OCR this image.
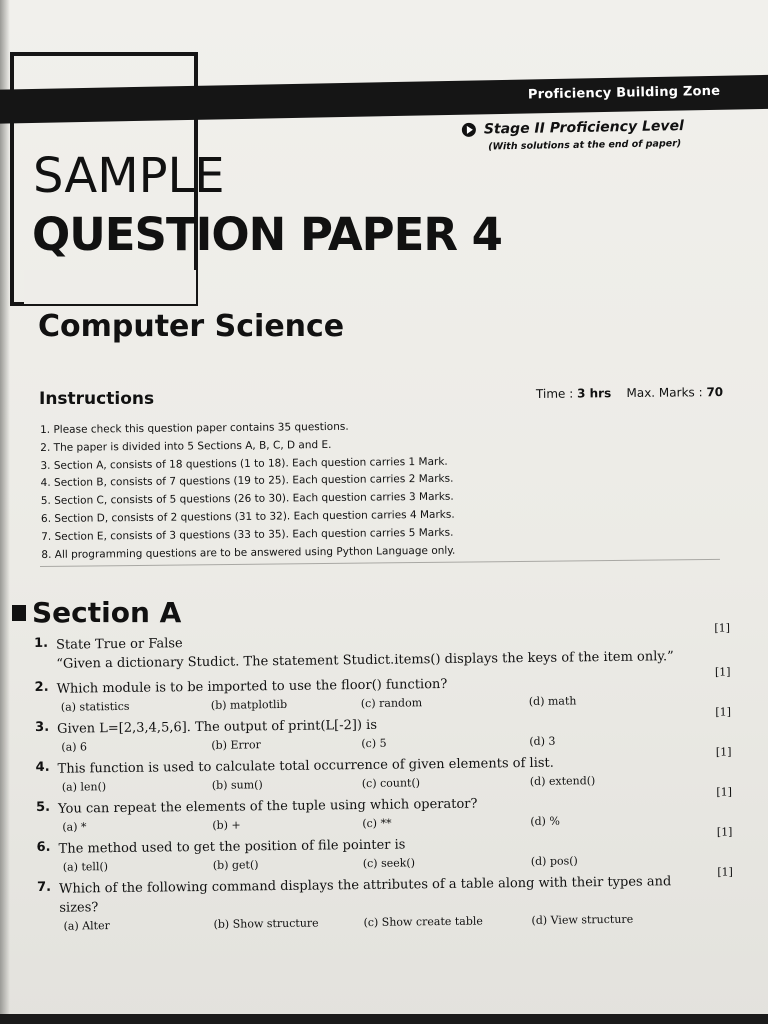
Proficiency Building Zone
Stage II Proficiency Level
(With solutions at the end of paper)
SAMPLE
QUESTION PAPER 4
Computer Science
Instructions	Time : 3 hrs Max. Marks : 70
1. Please check this question paper contains 35 questions.
2. The paper is divided into 5 Sections A, B, C, D and E.
3. Section A, consists of 18 questions (1 to 18). Each question carries 1 Mark.
4. Section B, consists of 7 questions (19 to 25). Each question carries 2 Marks.
5. Section C, consists of 5 questions (26 to 30). Each question carries 3 Marks.
6. Section D, consists of 2 questions (31 to 32). Each question carries 4 Marks.
7. Section E, consists of 3 questions (33 to 35). Each question carries 5 Marks.
8. All programming questions are to be answered using Python Language only.
Section A
1. State True or False
[1]
“Given a dictionary Studict. The statement Studict.items() displays the keys of the item only.”
2. Which module is to be imported to use the floor() function?
[1]
(a) statistics	(b) matplotlib	(c) random	(d) math
3. Given L=[2,3,4,5,6]. The output of print(L[-2]) is
[1]
(a) 6	(b) Error	(c) 5	(d) 3
4. This function is used to calculate total occurrence of given elements of list.
[1]
(a) len()	(b) sum()	(c) count()	(d) extend()
5. You can repeat the elements of the tuple using which operator?
[1]
(a) *	(b) +	(c) **	(d) %
6. The method used to get the position of file pointer is
[1]
(a) tell()	(b) get()	(c) seek()	(d) pos()
7. Which of the following command displays the attributes of a table along with their types and
[1]
sizes?
(a) Alter	(b) Show structure	(c) Show create table	(d) View structure
